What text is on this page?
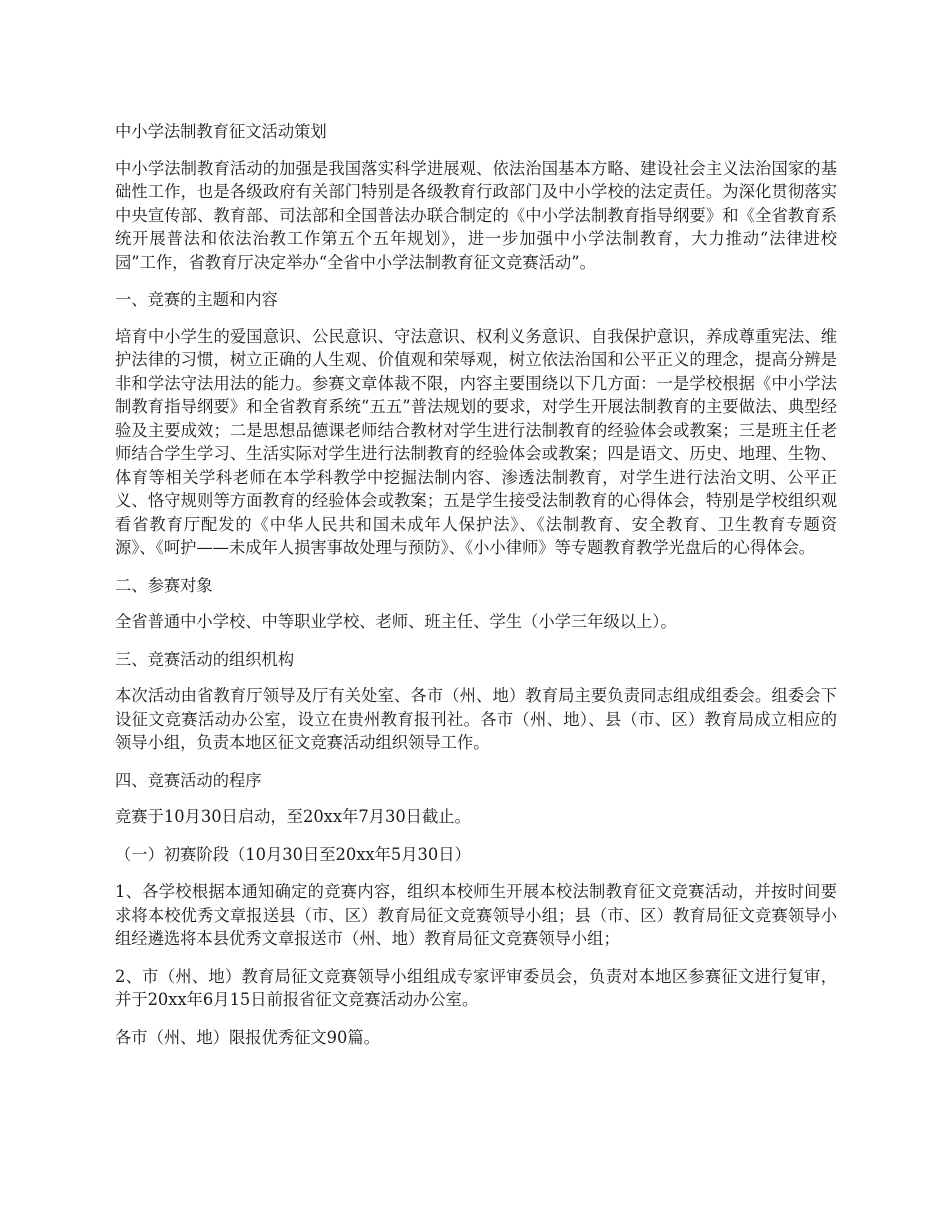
中小学法制教育征文活动策划
中小学法制教育活动的加强是我国落实科学进展观、依法治国基本方略、建设社会主义法治国家的基础性工作，也是各级政府有关部门特别是各级教育行政部门及中小学校的法定责任。为深化贯彻落实中央宣传部、教育部、司法部和全国普法办联合制定的《中小学法制教育指导纲要》和《全省教育系统开展普法和依法治教工作第五个五年规划》，进一步加强中小学法制教育，大力推动“法律进校园”工作，省教育厅决定举办“全省中小学法制教育征文竞赛活动”。
一、竞赛的主题和内容
培育中小学生的爱国意识、公民意识、守法意识、权利义务意识、自我保护意识，养成尊重宪法、维护法律的习惯，树立正确的人生观、价值观和荣辱观，树立依法治国和公平正义的理念，提高分辨是非和学法守法用法的能力。参赛文章体裁不限，内容主要围绕以下几方面：一是学校根据《中小学法制教育指导纲要》和全省教育系统“五五”普法规划的要求，对学生开展法制教育的主要做法、典型经验及主要成效；二是思想品德课老师结合教材对学生进行法制教育的经验体会或教案；三是班主任老师结合学生学习、生活实际对学生进行法制教育的经验体会或教案；四是语文、历史、地理、生物、体育等相关学科老师在本学科教学中挖掘法制内容、渗透法制教育，对学生进行法治文明、公平正义、恪守规则等方面教育的经验体会或教案；五是学生接受法制教育的心得体会，特别是学校组织观看省教育厅配发的《中华人民共和国未成年人保护法》、《法制教育、安全教育、卫生教育专题资源》、《呵护——未成年人损害事故处理与预防》、《小小律师》等专题教育教学光盘后的心得体会。
二、参赛对象
全省普通中小学校、中等职业学校、老师、班主任、学生（小学三年级以上）。
三、竞赛活动的组织机构
本次活动由省教育厅领导及厅有关处室、各市（州、地）教育局主要负责同志组成组委会。组委会下设征文竞赛活动办公室，设立在贵州教育报刊社。各市（州、地）、县（市、区）教育局成立相应的领导小组，负责本地区征文竞赛活动组织领导工作。
四、竞赛活动的程序
竞赛于10月30日启动，至20xx年7月30日截止。
（一）初赛阶段（10月30日至20xx年5月30日）
1、各学校根据本通知确定的竞赛内容，组织本校师生开展本校法制教育征文竞赛活动，并按时间要求将本校优秀文章报送县（市、区）教育局征文竞赛领导小组；县（市、区）教育局征文竞赛领导小组经遴选将本县优秀文章报送市（州、地）教育局征文竞赛领导小组；
2、市（州、地）教育局征文竞赛领导小组组成专家评审委员会，负责对本地区参赛征文进行复审，并于20xx年6月15日前报省征文竞赛活动办公室。
各市（州、地）限报优秀征文90篇。
